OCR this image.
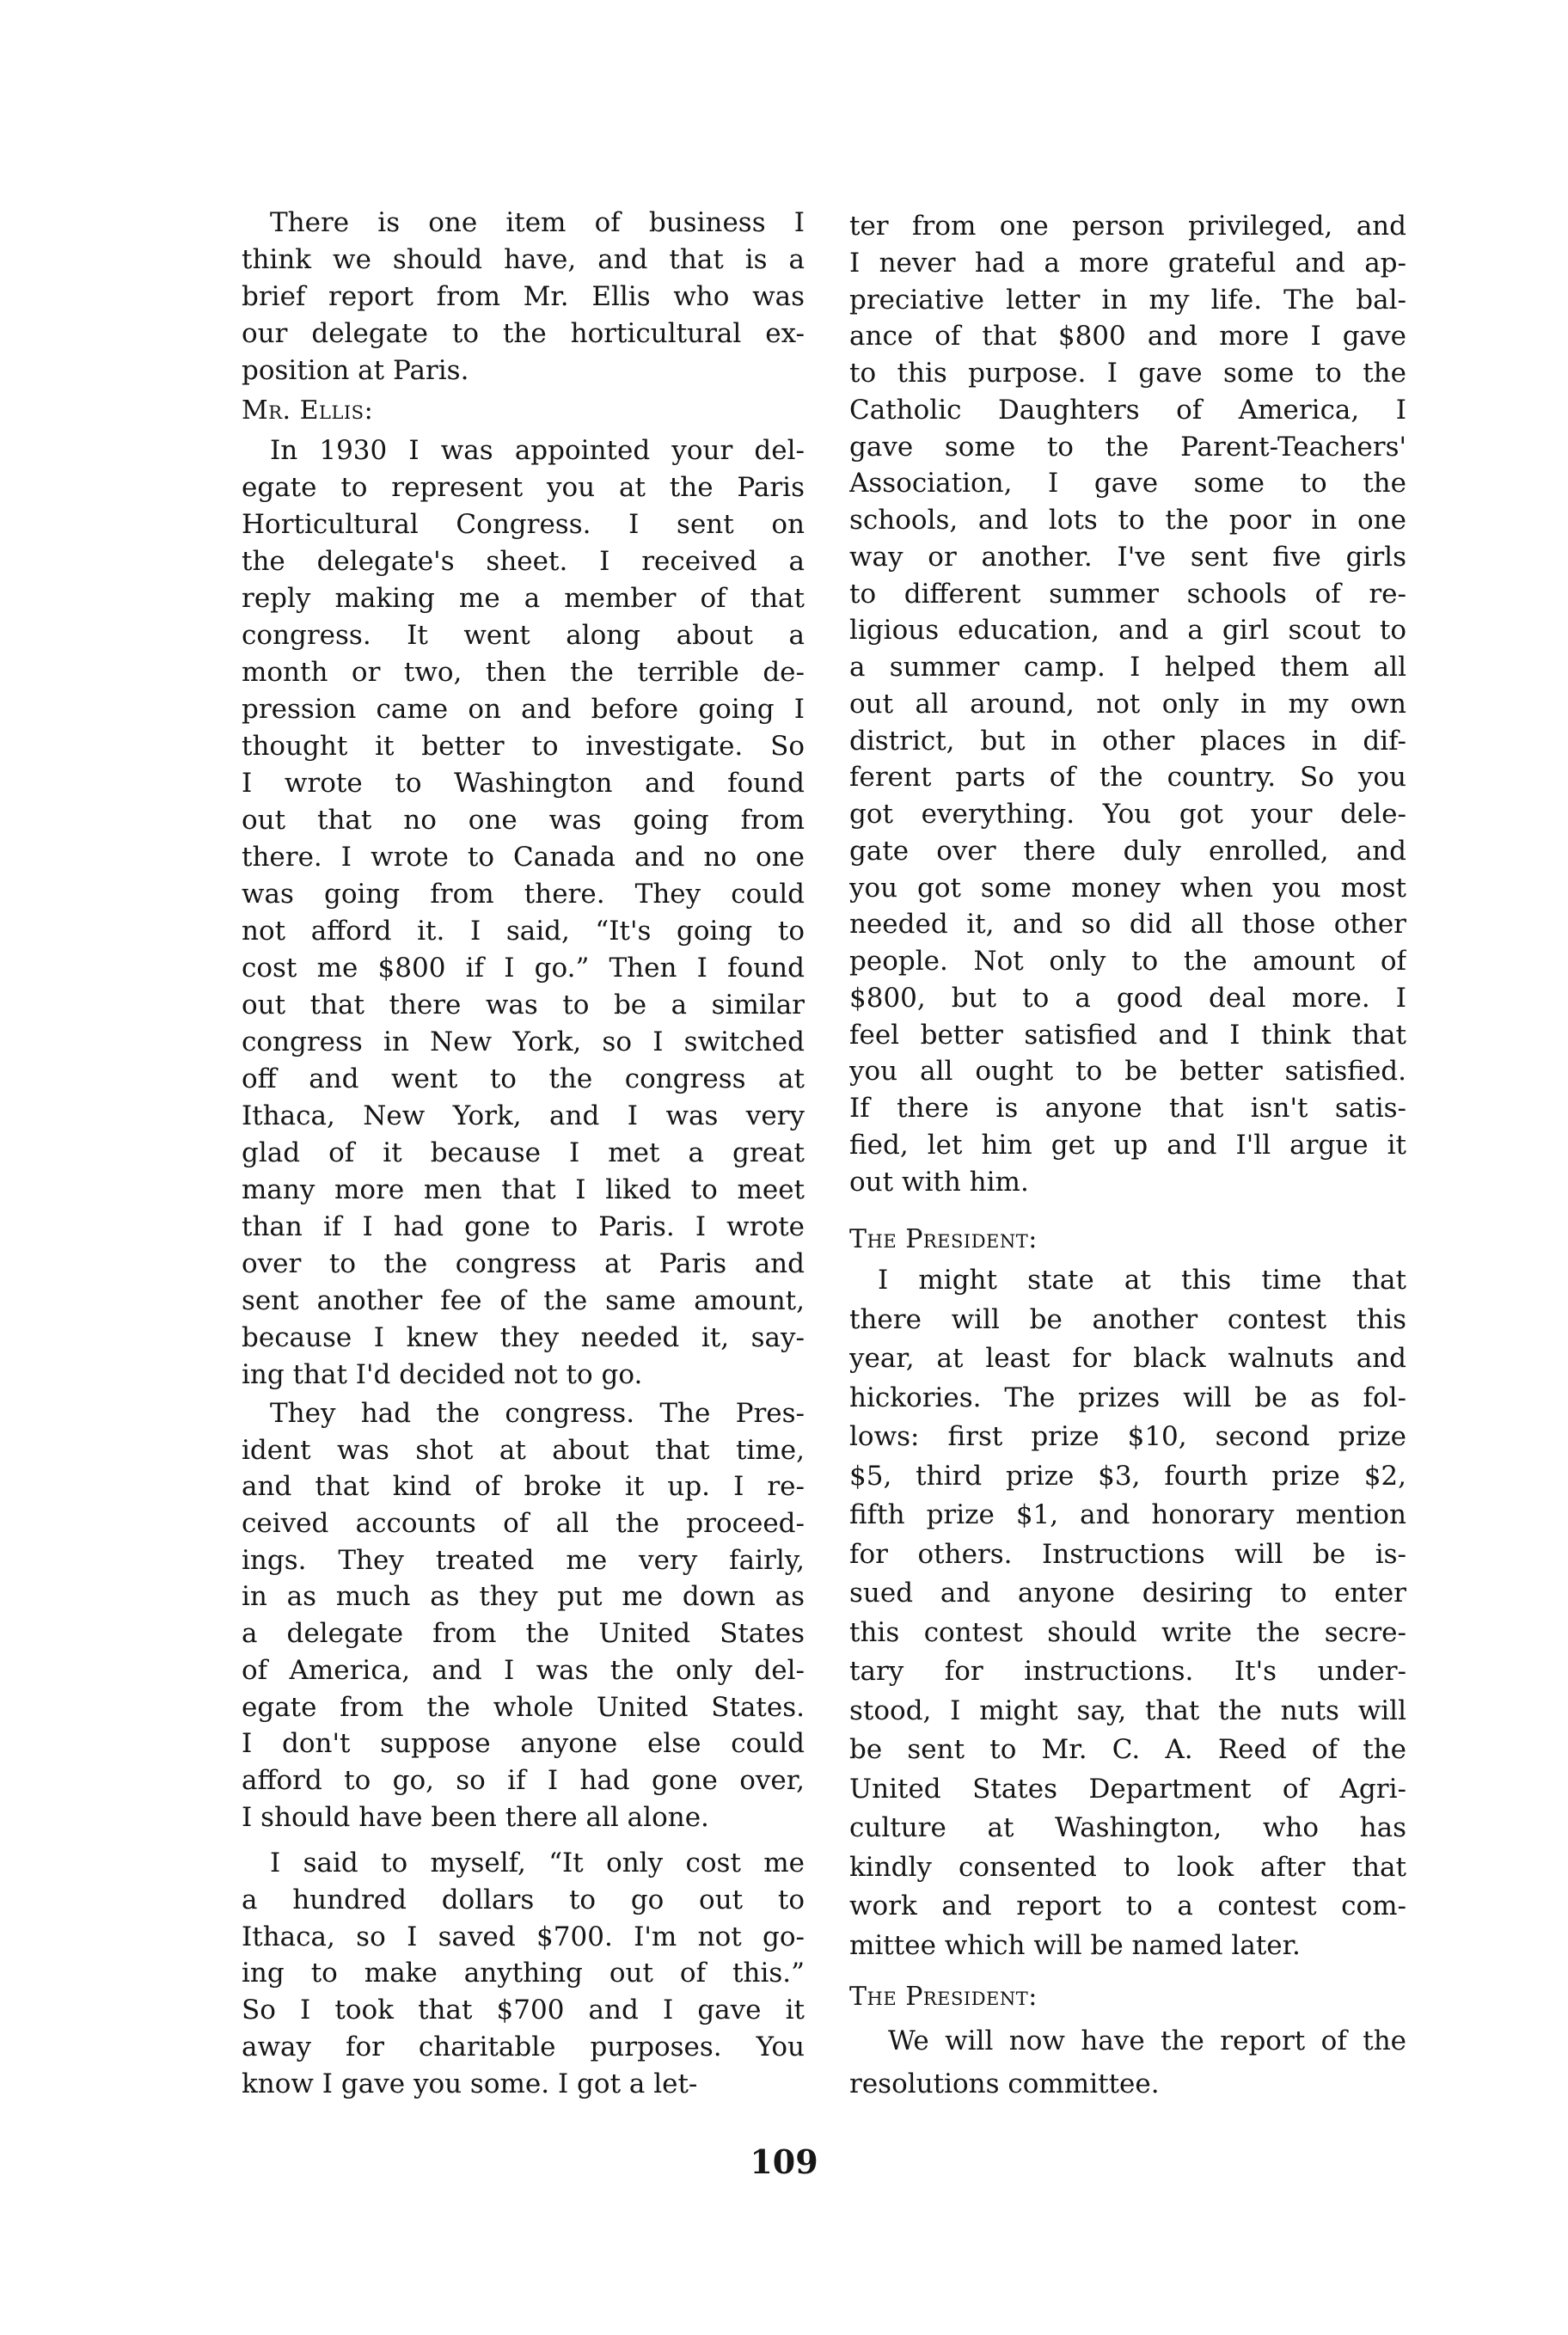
There is one item of business I
think we should have, and that is a
brief report from Mr. Ellis who was
our delegate to the horticultural ex-
position at Paris.
Mr. Ellis:
In 1930 I was appointed your del-
egate to represent you at the Paris
Horticultural Congress. I sent on
the delegate's sheet. I received a
reply making me a member of that
congress. It went along about a
month or two, then the terrible de-
pression came on and before going I
thought it better to investigate. So
I wrote to Washington and found
out that no one was going from
there. I wrote to Canada and no one
was going from there. They could
not afford it. I said, “It's going to
cost me $800 if I go.” Then I found
out that there was to be a similar
congress in New York, so I switched
off and went to the congress at
Ithaca, New York, and I was very
glad of it because I met a great
many more men that I liked to meet
than if I had gone to Paris. I wrote
over to the congress at Paris and
sent another fee of the same amount,
because I knew they needed it, say-
ing that I'd decided not to go.
They had the congress. The Pres-
ident was shot at about that time,
and that kind of broke it up. I re-
ceived accounts of all the proceed-
ings. They treated me very fairly,
in as much as they put me down as
a delegate from the United States
of America, and I was the only del-
egate from the whole United States.
I don't suppose anyone else could
afford to go, so if I had gone over,
I should have been there all alone.
I said to myself, “It only cost me
a hundred dollars to go out to
Ithaca, so I saved $700. I'm not go-
ing to make anything out of this.”
So I took that $700 and I gave it
away for charitable purposes. You
know I gave you some. I got a let-
ter from one person privileged, and
I never had a more grateful and ap-
preciative letter in my life. The bal-
ance of that $800 and more I gave
to this purpose. I gave some to the
Catholic Daughters of America, I
gave some to the Parent-Teachers'
Association, I gave some to the
schools, and lots to the poor in one
way or another. I've sent five girls
to different summer schools of re-
ligious education, and a girl scout to
a summer camp. I helped them all
out all around, not only in my own
district, but in other places in dif-
ferent parts of the country. So you
got everything. You got your dele-
gate over there duly enrolled, and
you got some money when you most
needed it, and so did all those other
people. Not only to the amount of
$800, but to a good deal more. I
feel better satisfied and I think that
you all ought to be better satisfied.
If there is anyone that isn't satis-
fied, let him get up and I'll argue it
out with him.
The President:
I might state at this time that
there will be another contest this
year, at least for black walnuts and
hickories. The prizes will be as fol-
lows: first prize $10, second prize
$5, third prize $3, fourth prize $2,
fifth prize $1, and honorary mention
for others. Instructions will be is-
sued and anyone desiring to enter
this contest should write the secre-
tary for instructions. It's under-
stood, I might say, that the nuts will
be sent to Mr. C. A. Reed of the
United States Department of Agri-
culture at Washington, who has
kindly consented to look after that
work and report to a contest com-
mittee which will be named later.
The President:
We will now have the report of the
resolutions committee.
109
